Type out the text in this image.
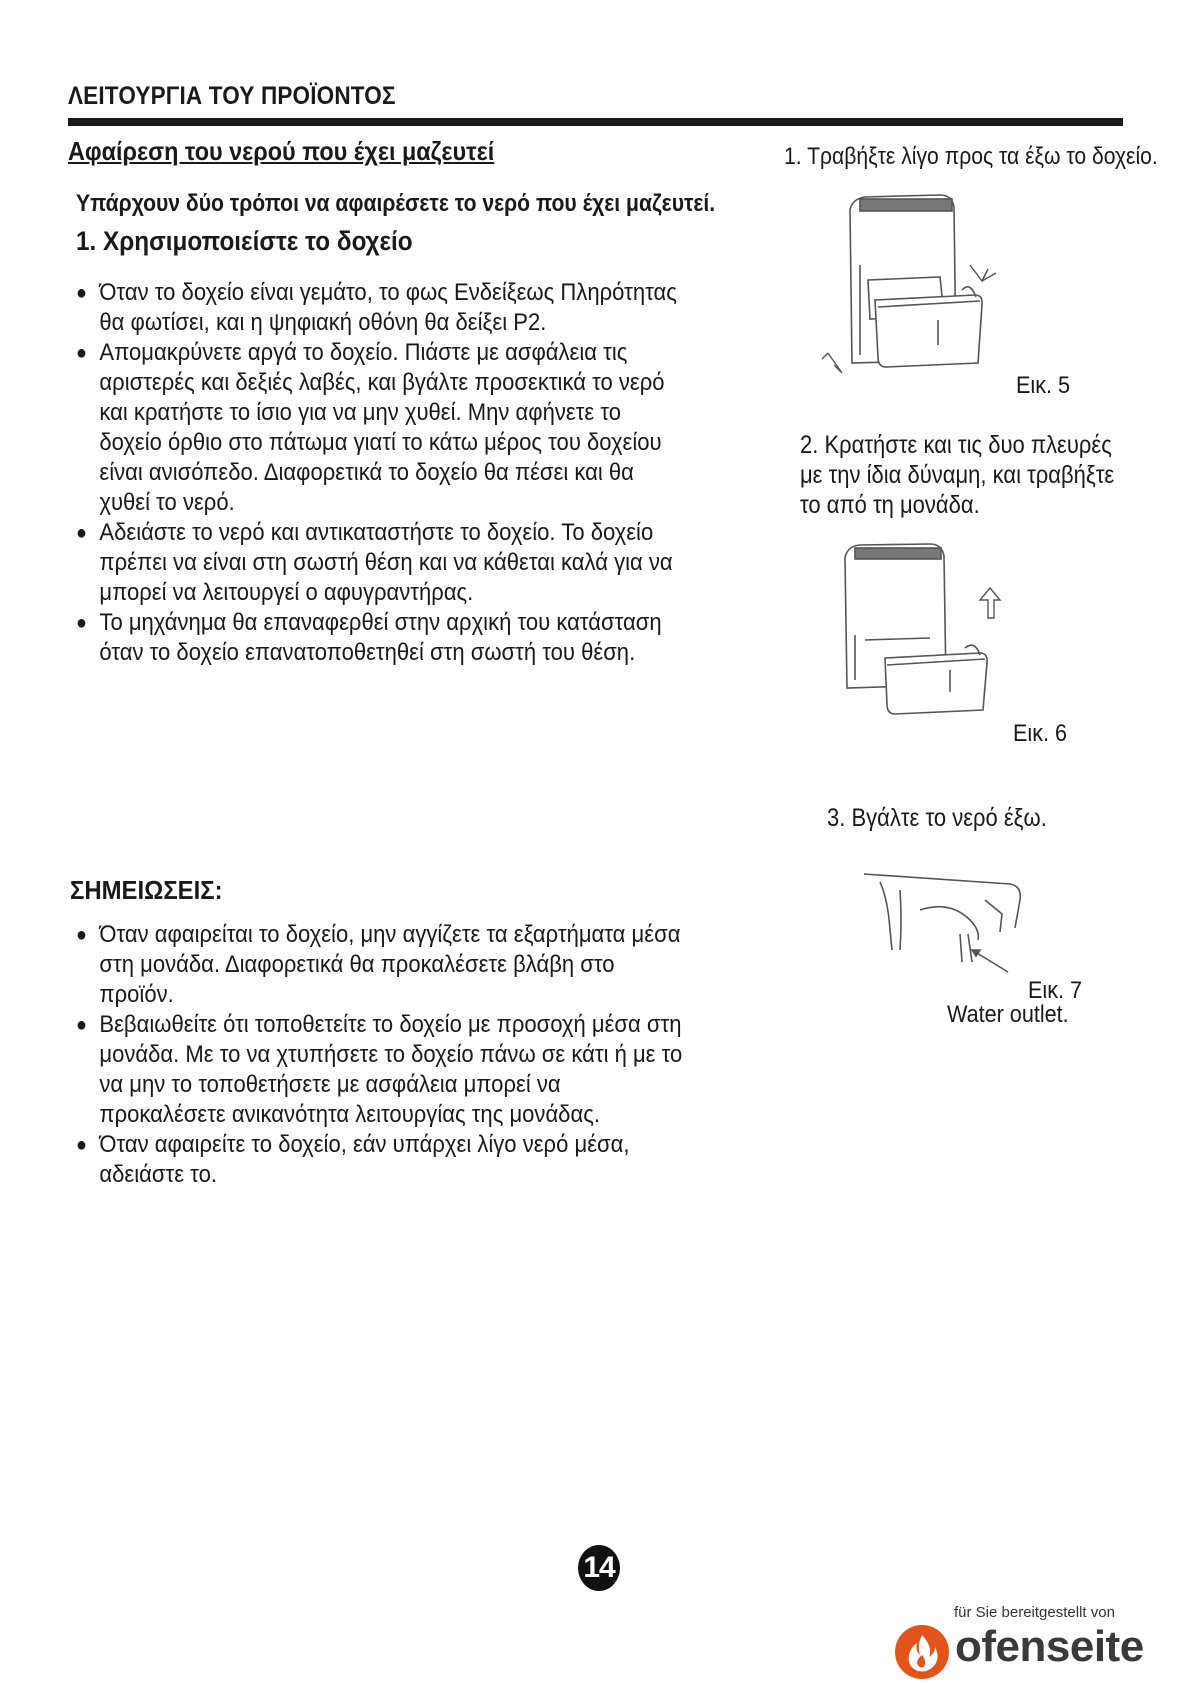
ΛΕΙΤΟΥΡΓΙΑ ΤΟΥ ΠΡΟΪΟΝΤΟΣ
Αφαίρεση του νερού που έχει μαζευτεί
Υπάρχουν δύο τρόποι να αφαιρέσετε το νερό που έχει μαζευτεί.
1. Χρησιμοποιείστε το δοχείο
● Όταν το δοχείο είναι γεμάτο, το φως Ενδείξεως Πληρότητας θα φωτίσει, και η ψηφιακή οθόνη θα δείξει P2.
● Απομακρύνετε αργά το δοχείο. Πιάστε με ασφάλεια τις αριστερές και δεξιές λαβές, και βγάλτε προσεκτικά το νερό και κρατήστε το ίσιο για να μην χυθεί. Μην αφήνετε το δοχείο όρθιο στο πάτωμα γιατί το κάτω μέρος του δοχείου είναι ανισόπεδο. Διαφορετικά το δοχείο θα πέσει και θα χυθεί το νερό.
● Αδειάστε το νερό και αντικαταστήστε το δοχείο. Το δοχείο πρέπει να είναι στη σωστή θέση και να κάθεται καλά για να μπορεί να λειτουργεί ο αφυγραντήρας.
● Το μηχάνημα θα επαναφερθεί στην αρχική του κατάσταση όταν το δοχείο επανατοποθετηθεί στη σωστή του θέση.
ΣΗΜΕΙΩΣΕΙΣ:
● Όταν αφαιρείται το δοχείο, μην αγγίζετε τα εξαρτήματα μέσα στη μονάδα. Διαφορετικά θα προκαλέσετε βλάβη στο προϊόν.
● Βεβαιωθείτε ότι τοποθετείτε το δοχείο με προσοχή μέσα στη μονάδα. Με το να χτυπήσετε το δοχείο πάνω σε κάτι ή με το να μην το τοποθετήσετε με ασφάλεια μπορεί να προκαλέσετε ανικανότητα λειτουργίας της μονάδας.
● Όταν αφαιρείτε το δοχείο, εάν υπάρχει λίγο νερό μέσα, αδειάστε το.
1. Τραβήξτε λίγο προς τα έξω το δοχείο.
Εικ. 5
2. Κρατήστε και τις δυο πλευρές με την ίδια δύναμη, και τραβήξτε το από τη μονάδα.
Εικ. 6
3. Βγάλτε το νερό έξω.
Εικ. 7
Water outlet.
14
für Sie bereitgestellt von
ofenseite
